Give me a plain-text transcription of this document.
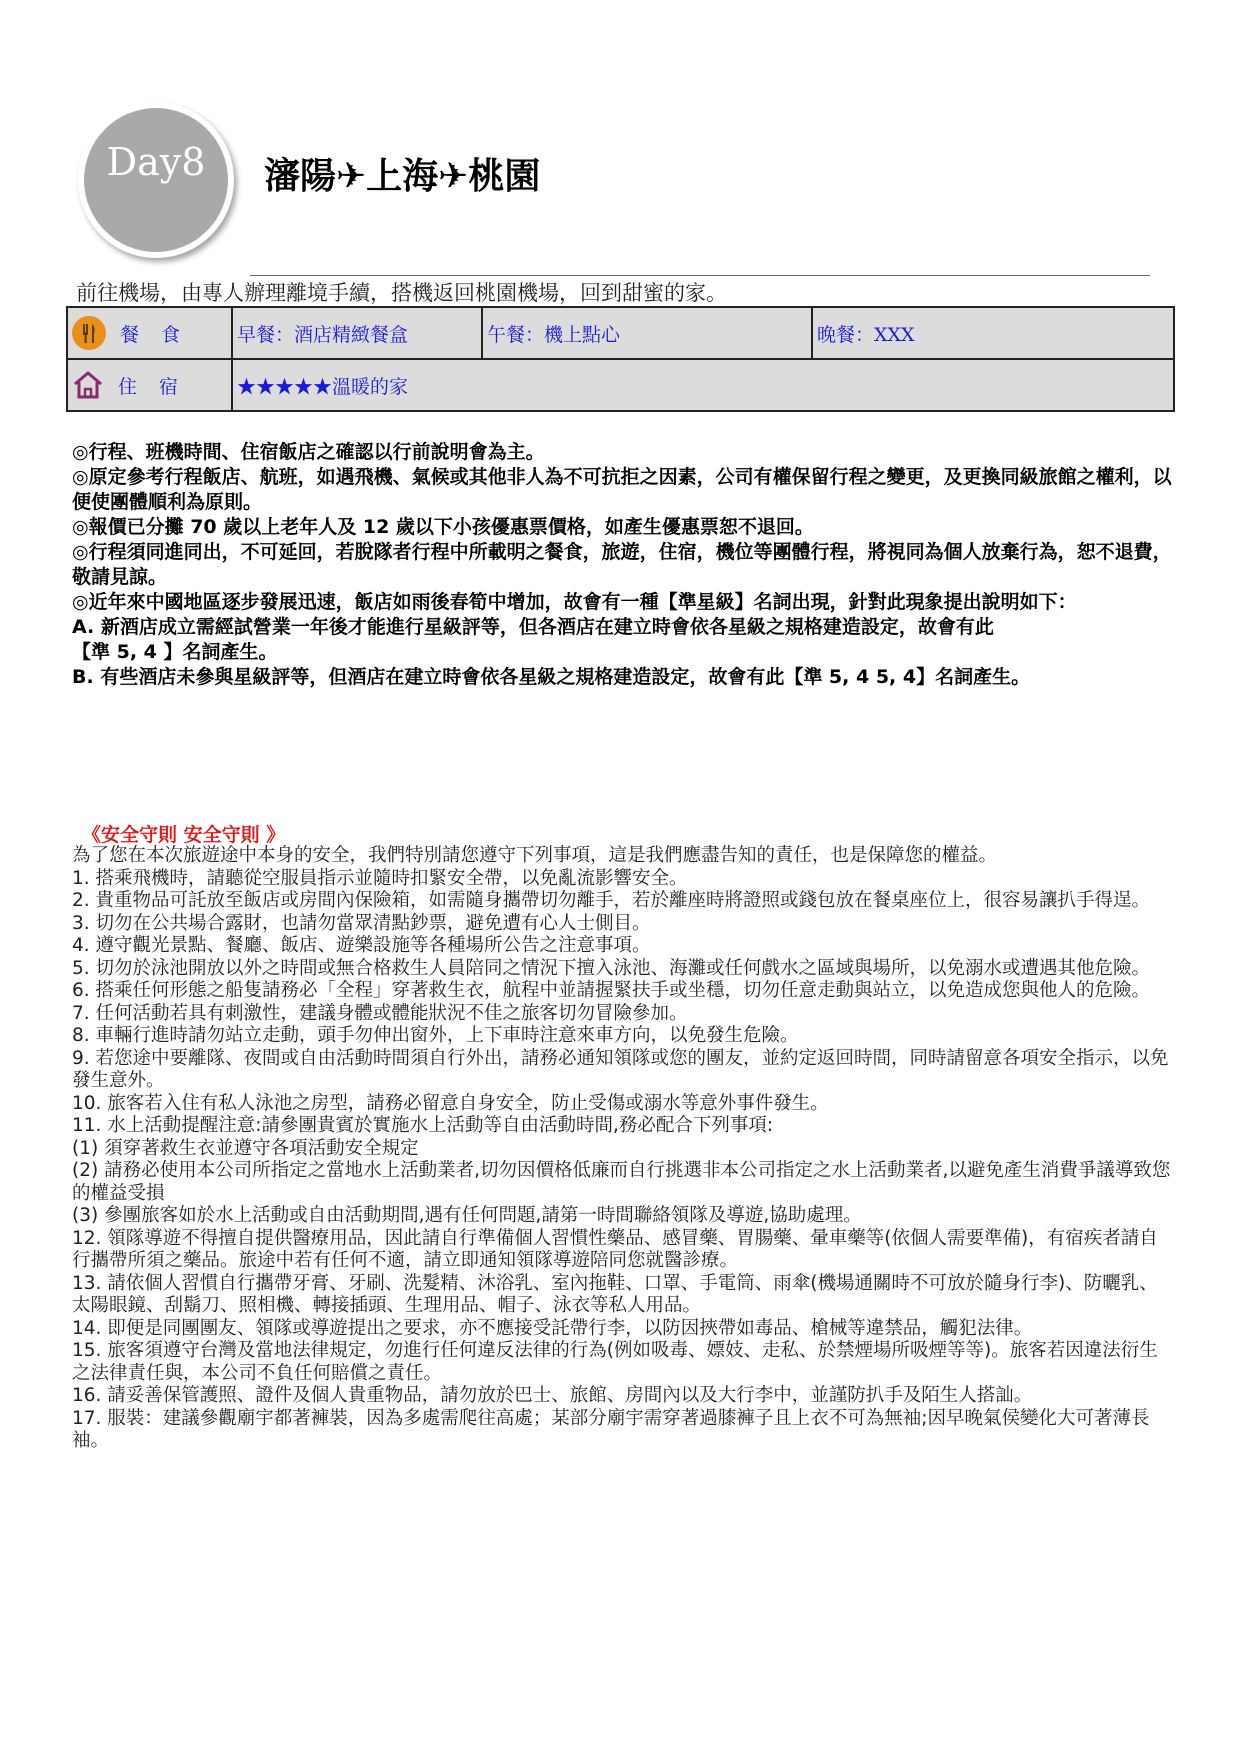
Day8	瀋陽✈上海✈桃園
前往機場，由專人辦理離境手續，搭機返回桃園機場，回到甜蜜的家。
餐 食	早餐：酒店精緻餐盒	午餐：機上點心	晚餐：XXX

住 宿	★★★★★溫暖的家		

◎行程、班機時間、住宿飯店之確認以行前說明會為主。

◎原定參考行程飯店、航班，如遇飛機、氣候或其他非人為不可抗拒之因素，公司有權保留行程之變更，及更換同級旅館之權利，以便使團體順利為原則。

◎報價已分攤 70 歲以上老年人及 12 歲以下小孩優惠票價格，如產生優惠票恕不退回。

◎行程須同進同出，不可延回，若脫隊者行程中所載明之餐食，旅遊，住宿，機位等團體行程，將視同為個人放棄行為，恕不退費，敬請見諒。

◎近年來中國地區逐步發展迅速，飯店如雨後春筍中增加，故會有一種【準星級】名詞出現，針對此現象提出說明如下：

A. 新酒店成立需經試營業一年後才能進行星級評等，但各酒店在建立時會依各星級之規格建造設定，故會有此

【準 5, 4 】名詞產生。

B. 有些酒店未參與星級評等，但酒店在建立時會依各星級之規格建造設定，故會有此【準 5, 4 5, 4】名詞產生。

《安全守則 安全守則 》

為了您在本次旅遊途中本身的安全，我們特別請您遵守下列事項，這是我們應盡告知的責任，也是保障您的權益。

1. 搭乘飛機時，請聽從空服員指示並隨時扣緊安全帶，以免亂流影響安全。

2. 貴重物品可託放至飯店或房間內保險箱，如需隨身攜帶切勿離手，若於離座時將證照或錢包放在餐桌座位上，很容易讓扒手得逞。

3. 切勿在公共場合露財，也請勿當眾清點鈔票，避免遭有心人士側目。

4. 遵守觀光景點、餐廳、飯店、遊樂設施等各種場所公告之注意事項。

5. 切勿於泳池開放以外之時間或無合格救生人員陪同之情況下擅入泳池、海灘或任何戲水之區域與場所，以免溺水或遭遇其他危險。

6. 搭乘任何形態之船隻請務必「全程」穿著救生衣，航程中並請握緊扶手或坐穩，切勿任意走動與站立，以免造成您與他人的危險。

7. 任何活動若具有刺激性，建議身體或體能狀況不佳之旅客切勿冒險參加。

8. 車輛行進時請勿站立走動，頭手勿伸出窗外，上下車時注意來車方向，以免發生危險。

9. 若您途中要離隊、夜間或自由活動時間須自行外出，請務必通知領隊或您的團友，並約定返回時間，同時請留意各項安全指示，以免發生意外。

10. 旅客若入住有私人泳池之房型，請務必留意自身安全，防止受傷或溺水等意外事件發生。

11. 水上活動提醒注意:請參團貴賓於實施水上活動等自由活動時間,務必配合下列事項:

(1) 須穿著救生衣並遵守各項活動安全規定

(2) 請務必使用本公司所指定之當地水上活動業者,切勿因價格低廉而自行挑選非本公司指定之水上活動業者,以避免產生消費爭議導致您的權益受損

(3) 參團旅客如於水上活動或自由活動期間,遇有任何問題,請第一時間聯絡領隊及導遊,協助處理。

12. 領隊導遊不得擅自提供醫療用品，因此請自行準備個人習慣性藥品、感冒藥、胃腸藥、暈車藥等(依個人需要準備)，有宿疾者請自行攜帶所須之藥品。旅途中若有任何不適，請立即通知領隊導遊陪同您就醫診療。

13. 請依個人習慣自行攜帶牙膏、牙刷、洗髮精、沐浴乳、室內拖鞋、口罩、手電筒、雨傘(機場通關時不可放於隨身行李)、防曬乳、太陽眼鏡、刮鬍刀、照相機、轉接插頭、生理用品、帽子、泳衣等私人用品。

14. 即便是同團團友、領隊或導遊提出之要求，亦不應接受託帶行李，以防因挾帶如毒品、槍械等違禁品，觸犯法律。

15. 旅客須遵守台灣及當地法律規定，勿進行任何違反法律的行為(例如吸毒、嫖妓、走私、於禁煙場所吸煙等等)。旅客若因違法衍生之法律責任與，本公司不負任何賠償之責任。

16. 請妥善保管護照、證件及個人貴重物品，請勿放於巴士、旅館、房間內以及大行李中，並謹防扒手及陌生人搭訕。

17. 服裝：建議參觀廟宇都著褲裝，因為多處需爬往高處；某部分廟宇需穿著過膝褲子且上衣不可為無袖;因早晚氣侯變化大可著薄長袖。
